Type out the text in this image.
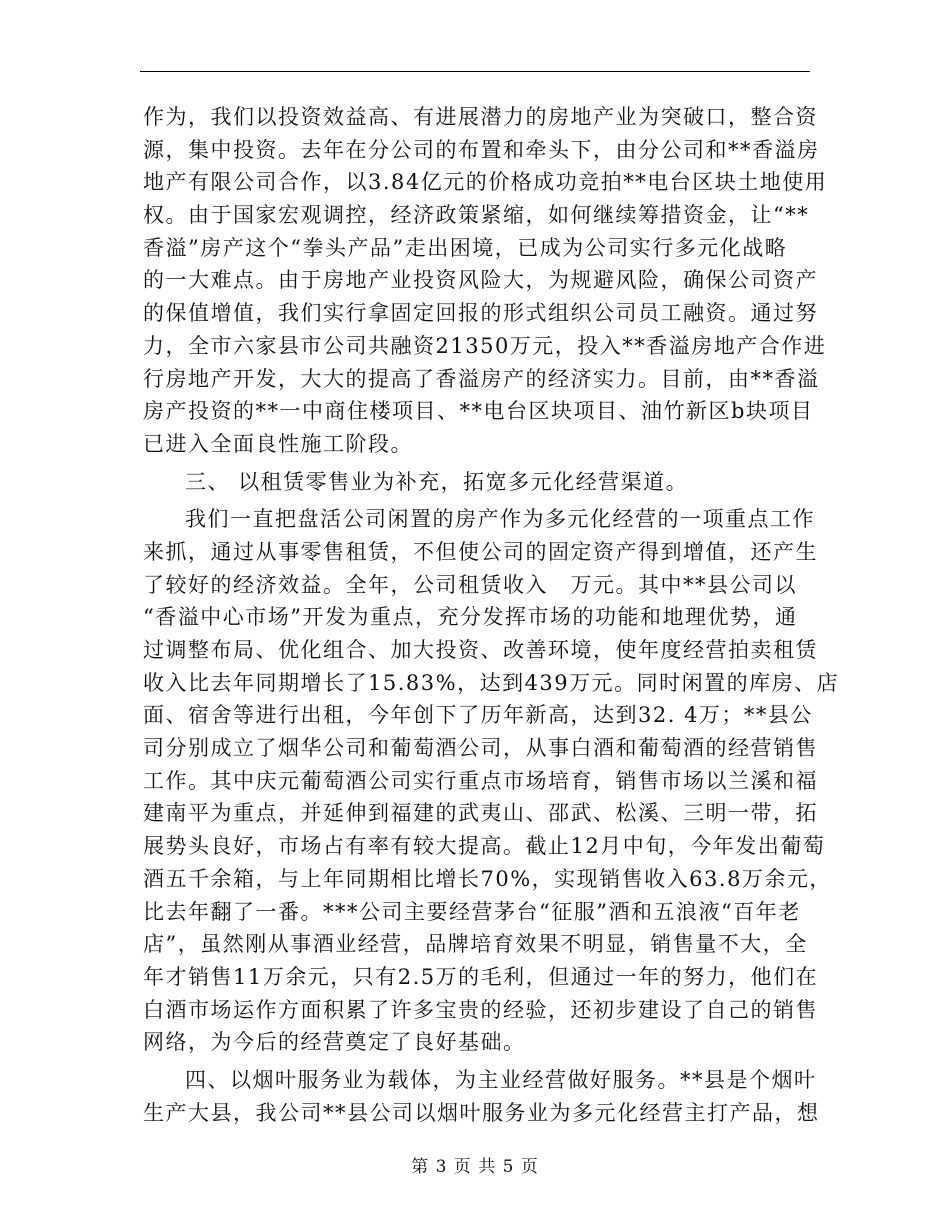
作为，我们以投资效益高、有进展潜力的房地产业为突破口，整合资
源，集中投资。去年在分公司的布置和牵头下，由分公司和**香溢房
地产有限公司合作，以3.84亿元的价格成功竞拍**电台区块土地使用
权。由于国家宏观调控，经济政策紧缩，如何继续筹措资金，让“**
香溢”房产这个“拳头产品”走出困境，已成为公司实行多元化战略
的一大难点。由于房地产业投资风险大，为规避风险，确保公司资产
的保值增值，我们实行拿固定回报的形式组织公司员工融资。通过努
力，全市六家县市公司共融资21350万元，投入**香溢房地产合作进
行房地产开发，大大的提高了香溢房产的经济实力。目前，由**香溢
房产投资的**一中商住楼项目、**电台区块项目、油竹新区b块项目
已进入全面良性施工阶段。
三、 以租赁零售业为补充，拓宽多元化经营渠道。
我们一直把盘活公司闲置的房产作为多元化经营的一项重点工作
来抓，通过从事零售租赁，不但使公司的固定资产得到增值，还产生
了较好的经济效益。全年，公司租赁收入　万元。其中**县公司以
“香溢中心市场”开发为重点，充分发挥市场的功能和地理优势，通
过调整布局、优化组合、加大投资、改善环境，使年度经营拍卖租赁
收入比去年同期增长了15.83%，达到439万元。同时闲置的库房、店
面、宿舍等进行出租，今年创下了历年新高，达到32. 4万；**县公
司分别成立了烟华公司和葡萄酒公司，从事白酒和葡萄酒的经营销售
工作。其中庆元葡萄酒公司实行重点市场培育，销售市场以兰溪和福
建南平为重点，并延伸到福建的武夷山、邵武、松溪、三明一带，拓
展势头良好，市场占有率有较大提高。截止12月中旬，今年发出葡萄
酒五千余箱，与上年同期相比增长70%，实现销售收入63.8万余元，
比去年翻了一番。***公司主要经营茅台“征服”酒和五浪液“百年老
店”，虽然刚从事酒业经营，品牌培育效果不明显，销售量不大，全
年才销售11万余元，只有2.5万的毛利，但通过一年的努力，他们在
白酒市场运作方面积累了许多宝贵的经验，还初步建设了自己的销售
网络，为今后的经营奠定了良好基础。
四、以烟叶服务业为载体，为主业经营做好服务。**县是个烟叶
生产大县，我公司**县公司以烟叶服务业为多元化经营主打产品，想
第 3 页 共 5 页
